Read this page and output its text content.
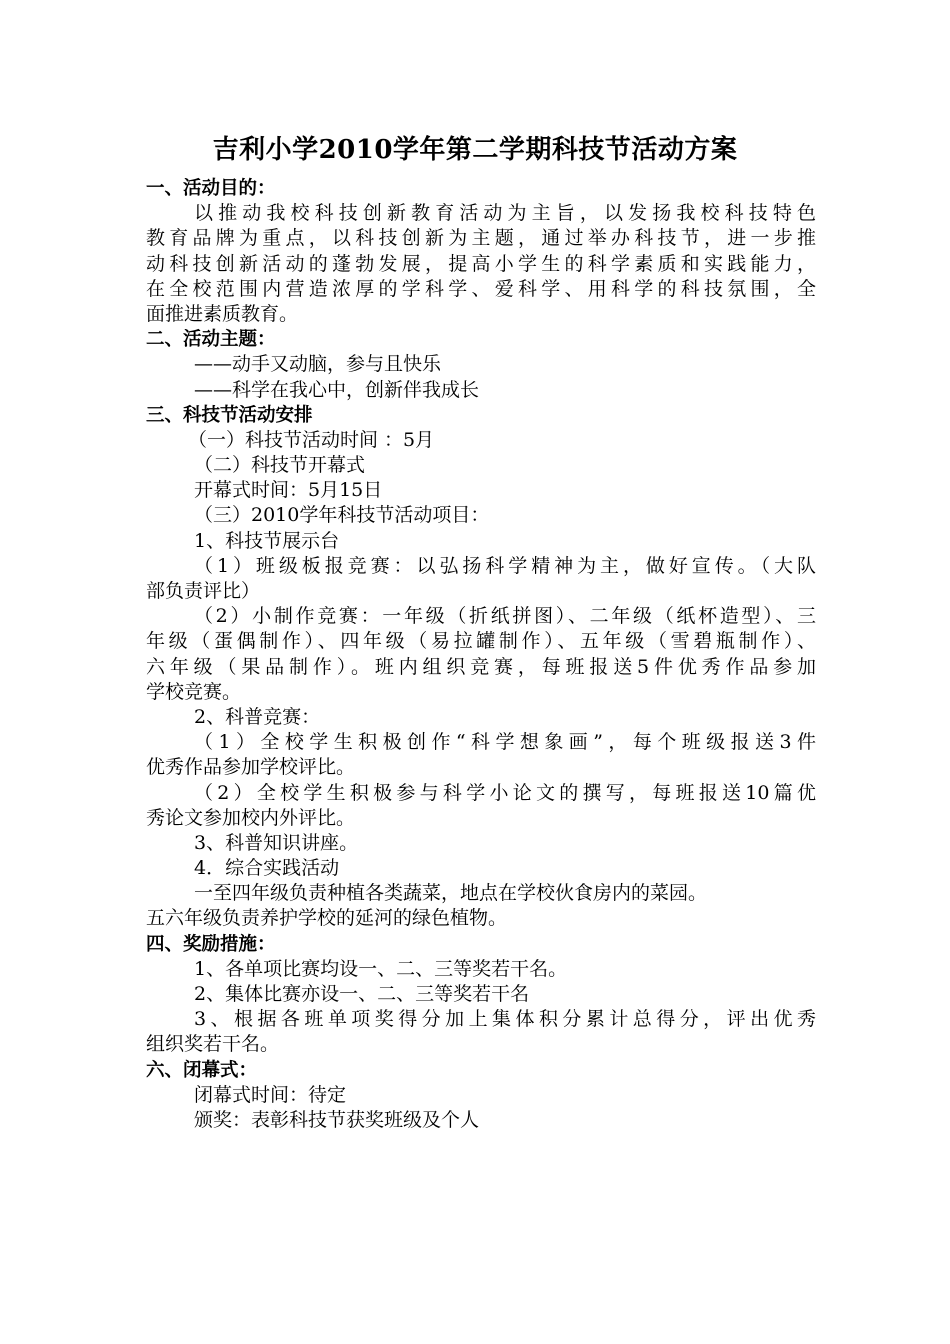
吉利小学2010学年第二学期科技节活动方案
一、活动目的：
以推动我校科技创新教育活动为主旨，以发扬我校科技特色
教育品牌为重点，以科技创新为主题，通过举办科技节，进一步推
动科技创新活动的蓬勃发展，提高小学生的科学素质和实践能力，
在全校范围内营造浓厚的学科学、爱科学、用科学的科技氛围，全
面推进素质教育。
二、活动主题：
——动手又动脑，参与且快乐
——科学在我心中，创新伴我成长
三、科技节活动安排
（一）科技节活动时间 ：5月
（二）科技节开幕式
开幕式时间：5月15日
（三）2010学年科技节活动项目：
1、科技节展示台
（1）班级板报竞赛：以弘扬科学精神为主，做好宣传。（大队
部负责评比）
（2）小制作竞赛：一年级（折纸拼图）、二年级（纸杯造型）、三
年级（蛋偶制作）、四年级（易拉罐制作）、五年级（雪碧瓶制作）、
六年级（果品制作）。班内组织竞赛，每班报送5件优秀作品参加
学校竞赛。
2、科普竞赛：
（1）全校学生积极创作“科学想象画”，每个班级报送3件
优秀作品参加学校评比。
（2）全校学生积极参与科学小论文的撰写，每班报送10篇优
秀论文参加校内外评比。
3、科普知识讲座。
4．综合实践活动
一至四年级负责种植各类蔬菜，地点在学校伙食房内的菜园。
五六年级负责养护学校的延河的绿色植物。
四、奖励措施：
1、各单项比赛均设一、二、三等奖若干名。
2、集体比赛亦设一、二、三等奖若干名
3、根据各班单项奖得分加上集体积分累计总得分，评出优秀
组织奖若干名。
六、闭幕式：
闭幕式时间：待定
颁奖：表彰科技节获奖班级及个人
